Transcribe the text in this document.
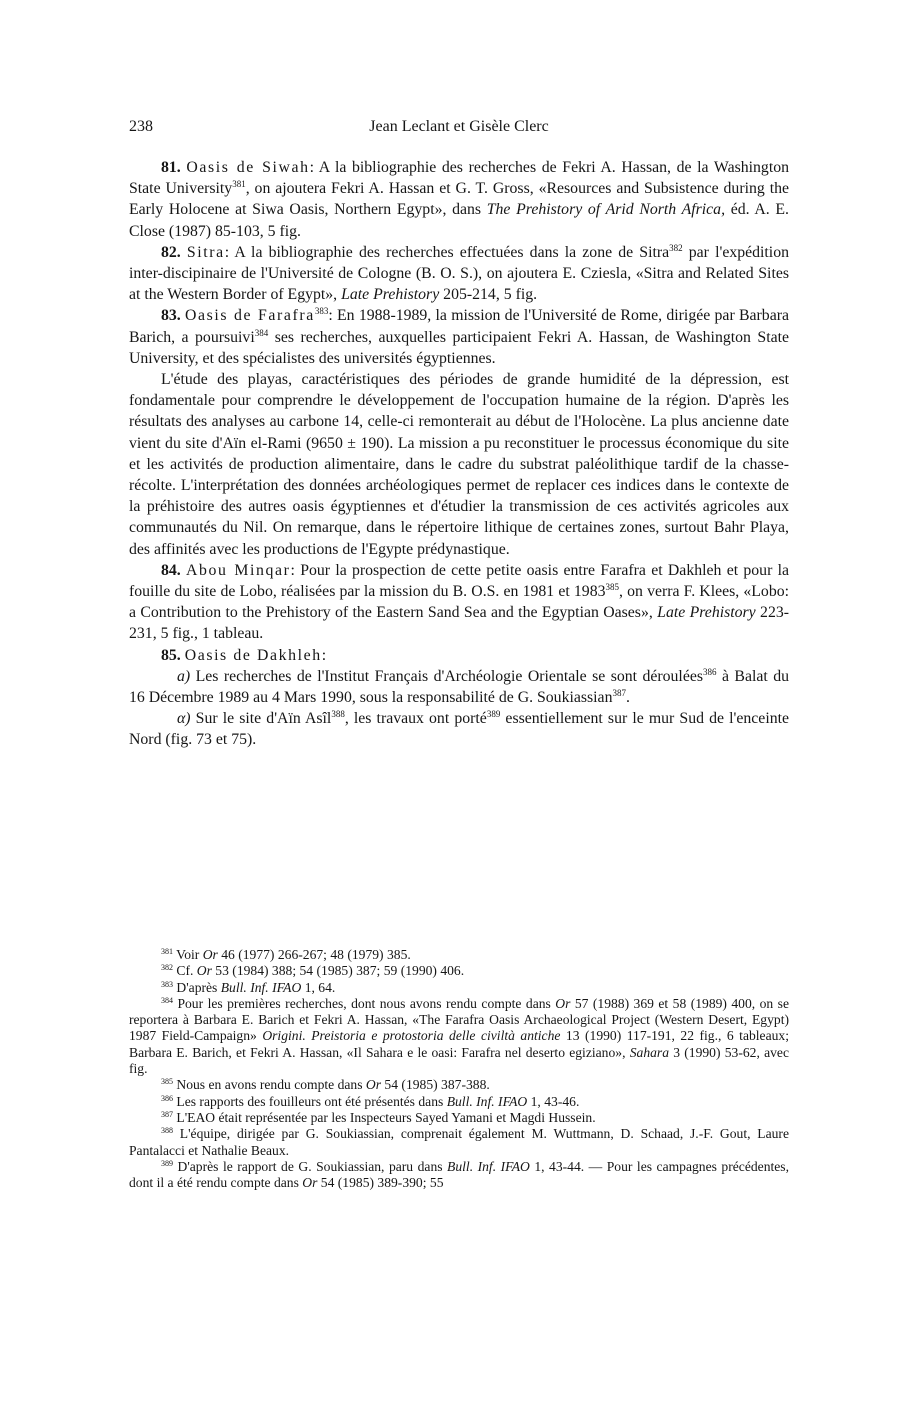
238	Jean Leclant et Gisèle Clerc

81. Oasis de Siwah: A la bibliographie des recherches de Fekri A. Hassan, de la Washington State University$^{381}$, on ajoutera Fekri A. Hassan et G. T. Gross, «Resources and Subsistence during the Early Holocene at Siwa Oasis, Northern Egypt», dans The Prehistory of Arid North Africa, éd. A. E. Close (1987) 85-103, 5 fig.

82. Sitra: A la bibliographie des recherches effectuées dans la zone de Sitra$^{382}$ par l'expédition inter-discipinaire de l'Université de Cologne (B. O. S.), on ajoutera E. Cziesla, «Sitra and Related Sites at the Western Border of Egypt», Late Prehistory 205-214, 5 fig.

83. Oasis de Farafra$^{383}$: En 1988-1989, la mission de l'Université de Rome, dirigée par Barbara Barich, a poursuivi$^{384}$ ses recherches, auxquelles participaient Fekri A. Hassan, de Washington State University, et des spécialistes des universités égyptiennes.

L'étude des playas, caractéristiques des périodes de grande humidité de la dépression, est fondamentale pour comprendre le développement de l'occupation humaine de la région. D'après les résultats des analyses au carbone 14, celle-ci remonterait au début de l'Holocène. La plus ancienne date vient du site d'Aïn el-Rami (9650 ± 190). La mission a pu reconstituer le processus économique du site et les activités de production alimentaire, dans le cadre du substrat paléolithique tardif de la chasse-récolte. L'interprétation des données archéologiques permet de replacer ces indices dans le contexte de la préhistoire des autres oasis égyptiennes et d'étudier la transmission de ces activités agricoles aux communautés du Nil. On remarque, dans le répertoire lithique de certaines zones, surtout Bahr Playa, des affinités avec les productions de l'Egypte prédynastique.

84. Abou Minqar: Pour la prospection de cette petite oasis entre Farafra et Dakhleh et pour la fouille du site de Lobo, réalisées par la mission du B. O.S. en 1981 et 1983$^{385}$, on verra F. Klees, «Lobo: a Contribution to the Prehistory of the Eastern Sand Sea and the Egyptian Oases», Late Prehistory 223-231, 5 fig., 1 tableau.

85. Oasis de Dakhleh:

a) Les recherches de l'Institut Français d'Archéologie Orientale se sont déroulées$^{386}$ à Balat du 16 Décembre 1989 au 4 Mars 1990, sous la responsabilité de G. Soukiassian$^{387}$.

α) Sur le site d'Aïn Asîl$^{388}$, les travaux ont porté$^{389}$ essentiellement sur le mur Sud de l'enceinte Nord (fig. 73 et 75).

$^{381}$ Voir Or 46 (1977) 266-267; 48 (1979) 385.

$^{382}$ Cf. Or 53 (1984) 388; 54 (1985) 387; 59 (1990) 406.

$^{383}$ D'après Bull. Inf. IFAO 1, 64.

$^{384}$ Pour les premières recherches, dont nous avons rendu compte dans Or 57 (1988) 369 et 58 (1989) 400, on se reportera à Barbara E. Barich et Fekri A. Hassan, «The Farafra Oasis Archaeological Project (Western Desert, Egypt) 1987 Field-Campaign» Origini. Preistoria e protostoria delle civiltà antiche 13 (1990) 117-191, 22 fig., 6 tableaux; Barbara E. Barich, et Fekri A. Hassan, «Il Sahara e le oasi: Farafra nel deserto egiziano», Sahara 3 (1990) 53-62, avec fig.

$^{385}$ Nous en avons rendu compte dans Or 54 (1985) 387-388.

$^{386}$ Les rapports des fouilleurs ont été présentés dans Bull. Inf. IFAO 1, 43-46.

$^{387}$ L'EAO était représentée par les Inspecteurs Sayed Yamani et Magdi Hussein.

$^{388}$ L'équipe, dirigée par G. Soukiassian, comprenait également M. Wuttmann, D. Schaad, J.-F. Gout, Laure Pantalacci et Nathalie Beaux.

$^{389}$ D'après le rapport de G. Soukiassian, paru dans Bull. Inf. IFAO 1, 43-44. — Pour les campagnes précédentes, dont il a été rendu compte dans Or 54 (1985) 389-390; 55
